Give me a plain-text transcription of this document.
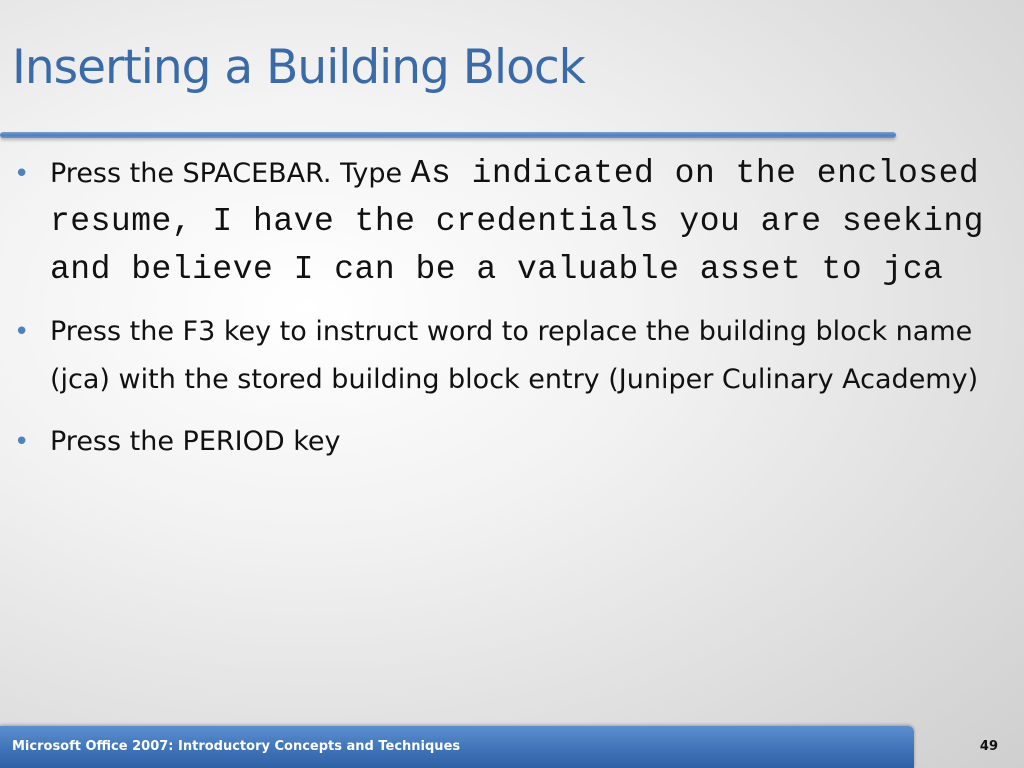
Inserting a Building Block
• Press the SPACEBAR. Type As indicated on the enclosed resume, I have the credentials you are seeking and believe I can be a valuable asset to jca
• Press the F3 key to instruct word to replace the building block name (jca) with the stored building block entry (Juniper Culinary Academy)
• Press the PERIOD key
Microsoft Office 2007: Introductory Concepts and Techniques	49
